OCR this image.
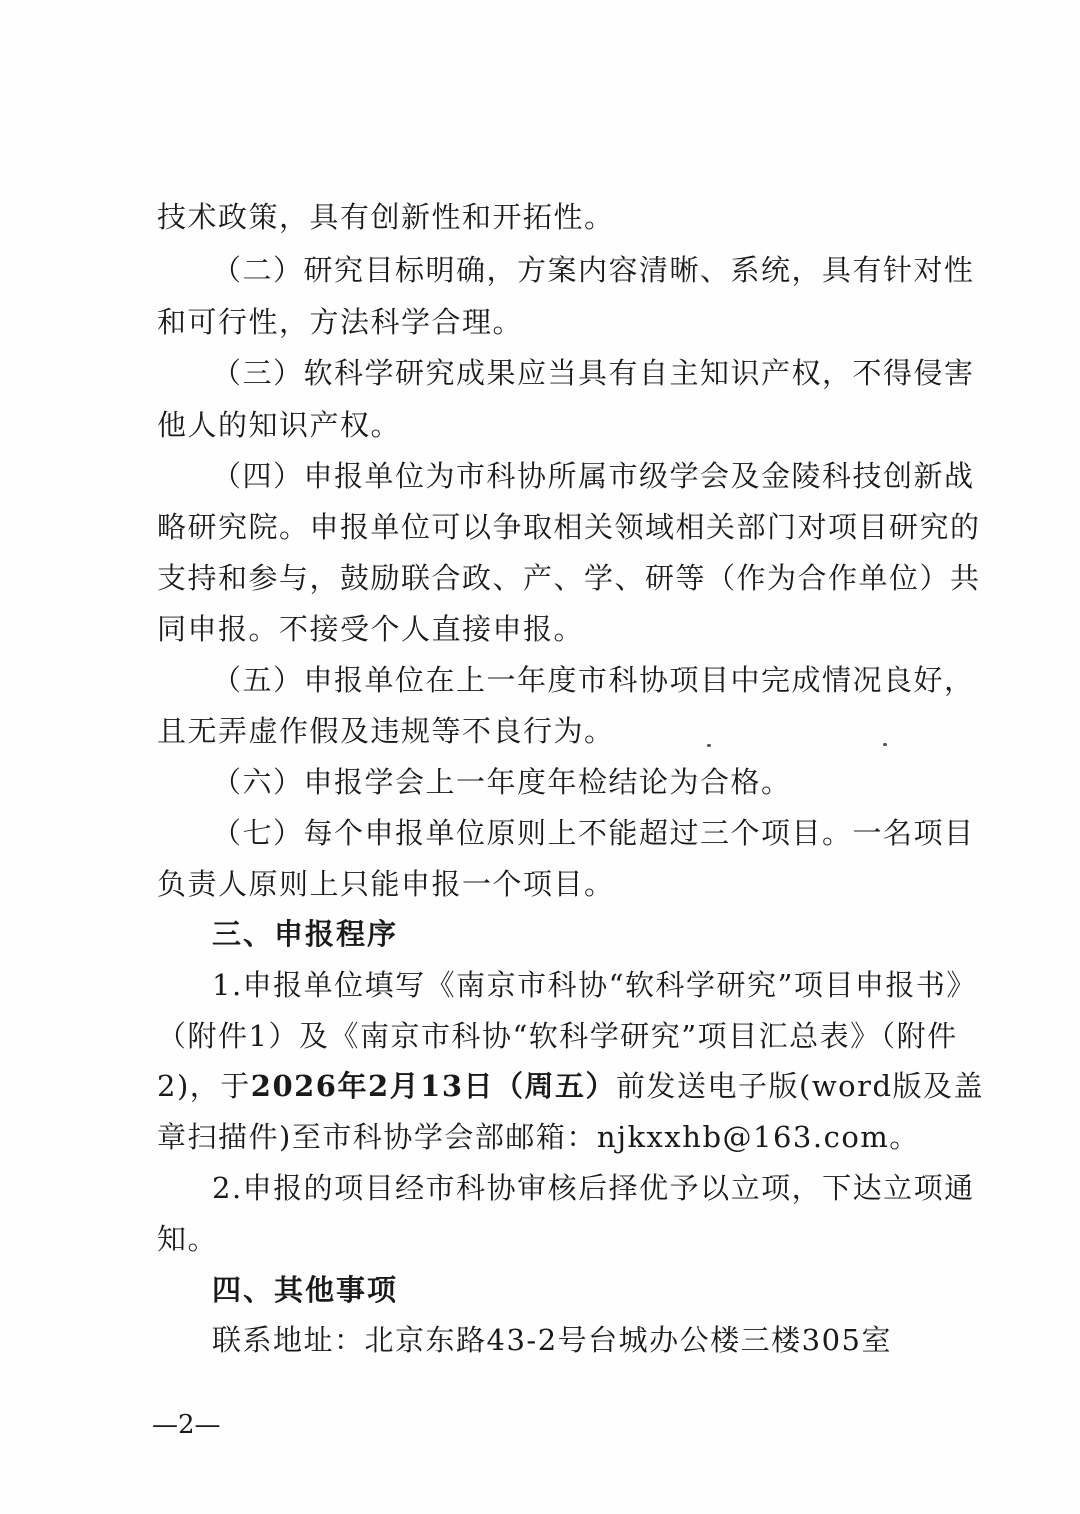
技术政策，具有创新性和开拓性。
（二）研究目标明确，方案内容清晰、系统，具有针对性
和可行性，方法科学合理。
（三）软科学研究成果应当具有自主知识产权，不得侵害
他人的知识产权。
（四）申报单位为市科协所属市级学会及金陵科技创新战
略研究院。申报单位可以争取相关领域相关部门对项目研究的
支持和参与，鼓励联合政、产、学、研等（作为合作单位）共
同申报。不接受个人直接申报。
（五）申报单位在上一年度市科协项目中完成情况良好，
且无弄虚作假及违规等不良行为。
（六）申报学会上一年度年检结论为合格。
（七）每个申报单位原则上不能超过三个项目。一名项目
负责人原则上只能申报一个项目。
三、申报程序
1.申报单位填写《南京市科协“软科学研究”项目申报书》
（附件1）及《南京市科协“软科学研究”项目汇总表》（附件
2)，于2026年2月13日（周五）前发送电子版(word版及盖
章扫描件)至市科协学会部邮箱：njkxxhb@163.com。
2.申报的项目经市科协审核后择优予以立项，下达立项通
知。
四、其他事项
联系地址：北京东路43-2号台城办公楼三楼305室
—2—
